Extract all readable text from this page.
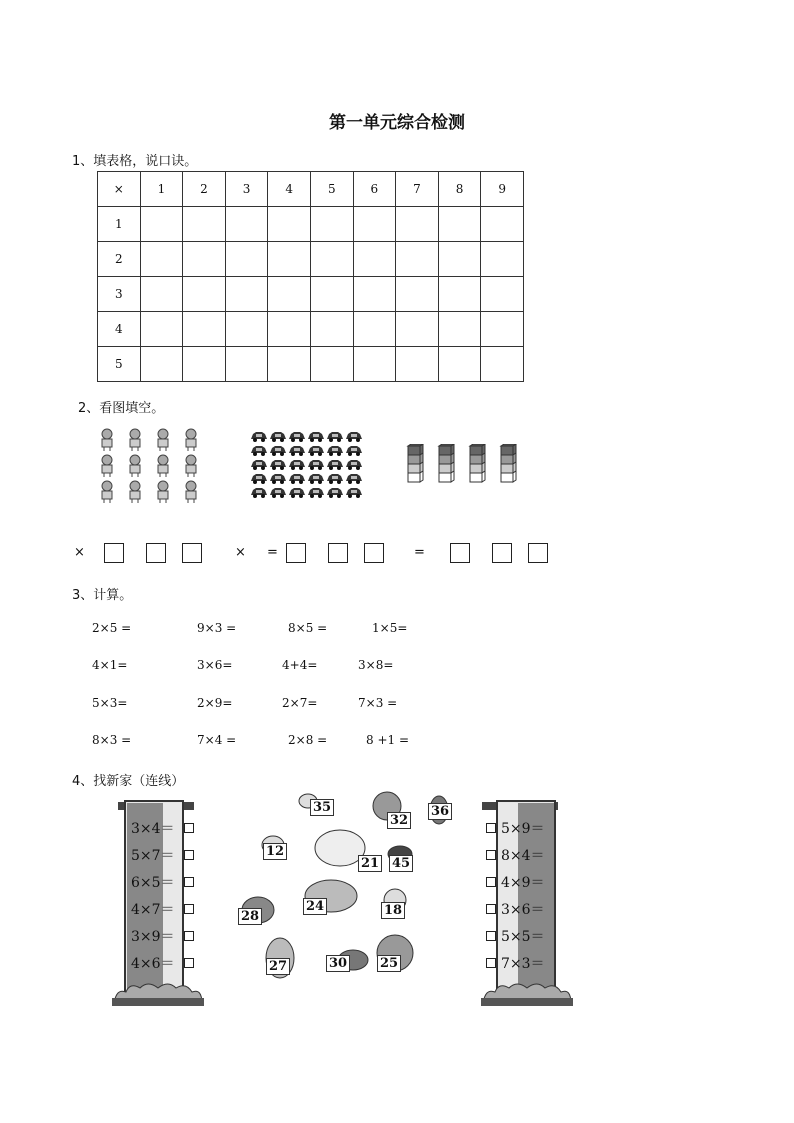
第一单元综合检测
1、填表格，说口诀。
×	1	2	3	4	5	6	7	8	9
1									
2									
3									
4									
5									
2、看图填空。
×	× =	=
3、计算。
2×5 =	9×3 =	8×5 =	1×5=
4×1=	3×6=	4+4=	3×8=
5×3=	2×9=	2×7=	7×3 =
8×3 =	7×4 =	2×8 =	8 +1 =
4、找新家（连线）
3×4＝
5×7＝
6×5＝
4×7＝
3×9＝
4×6＝
5×9＝
8×4＝
4×9＝
3×6＝
5×5＝
7×3＝
35
32
36
12
21 45
24	18
28
27	30	25
